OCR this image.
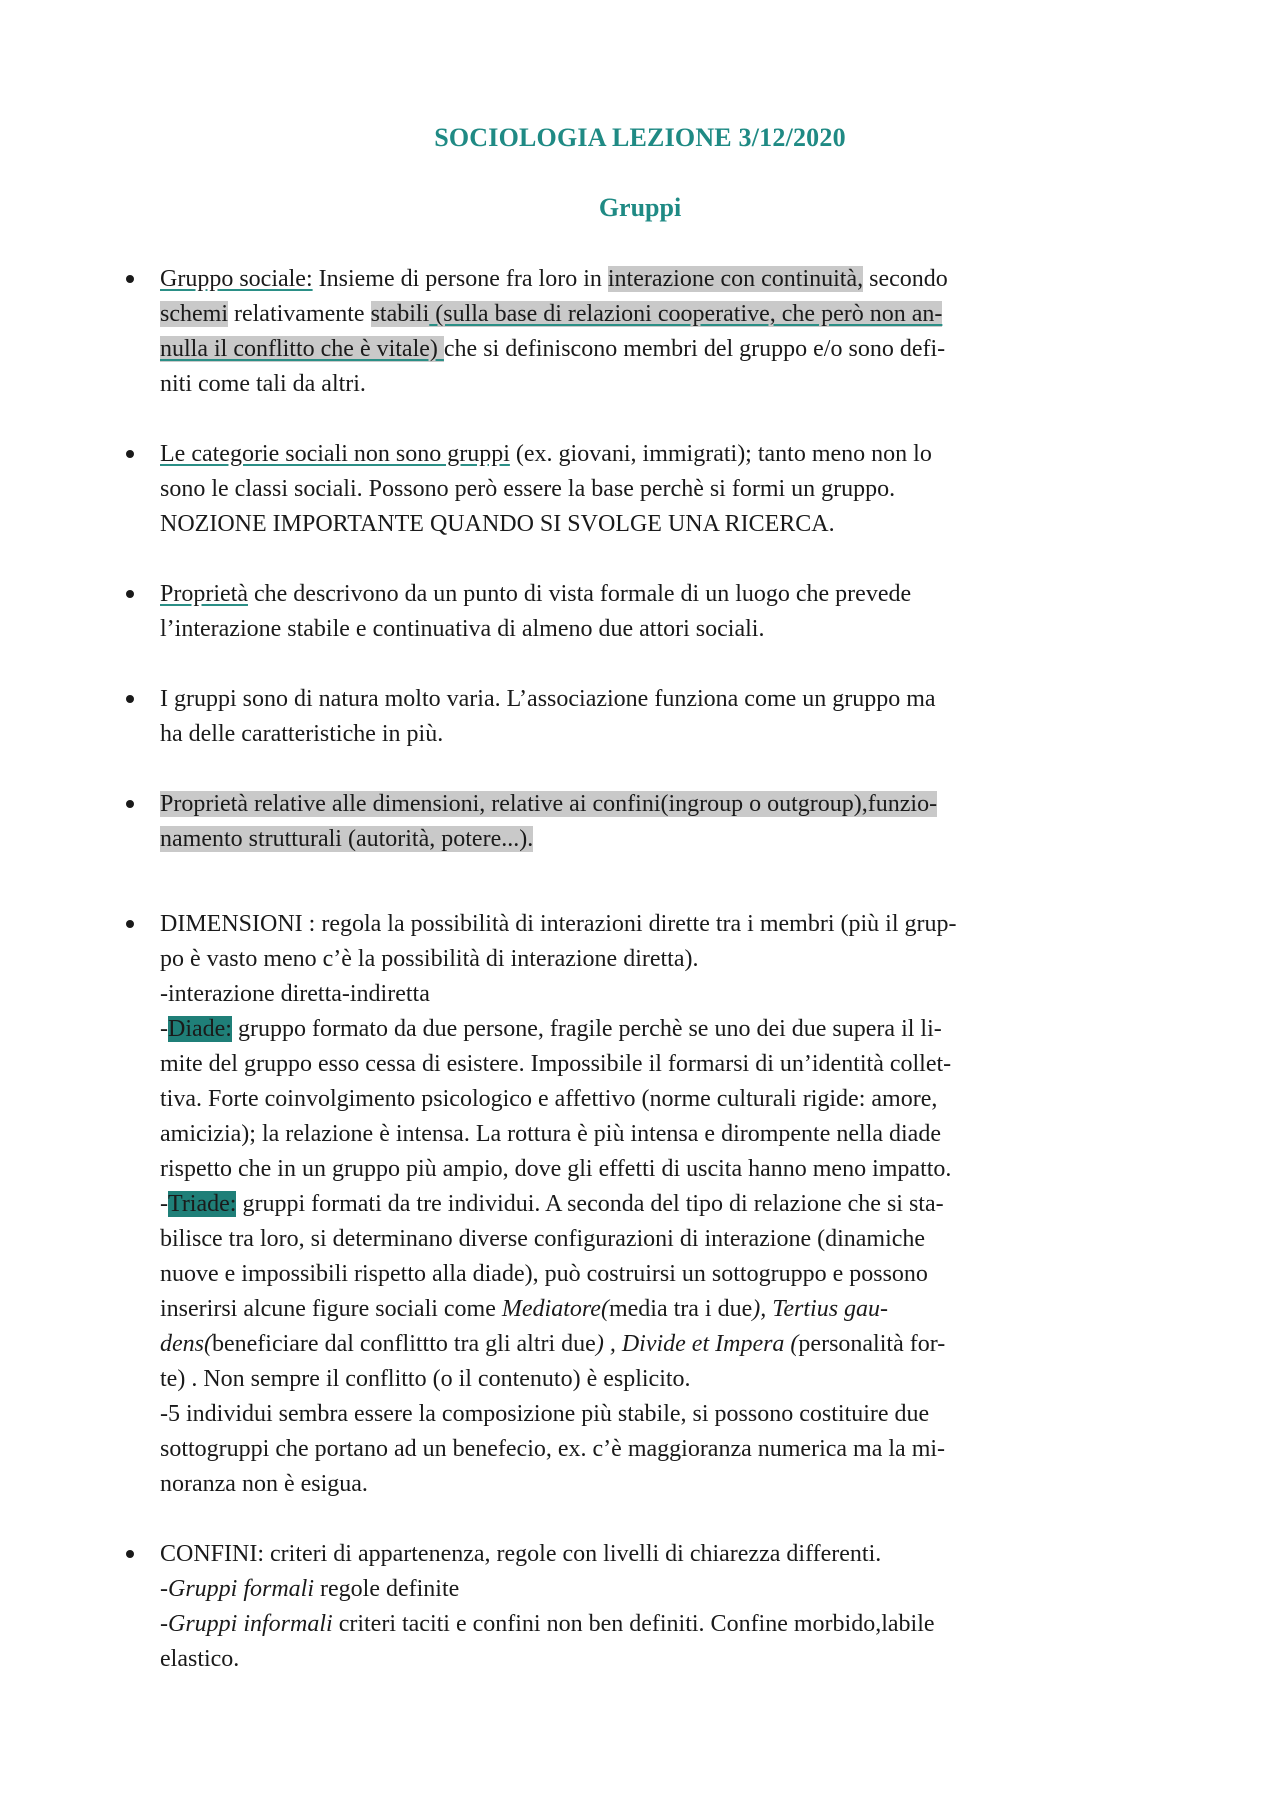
SOCIOLOGIA LEZIONE 3/12/2020
Gruppi
Gruppo sociale: Insieme di persone fra loro in interazione con continuità, secondo
schemi relativamente stabili (sulla base di relazioni cooperative, che però non an-
nulla il conflitto che è vitale) che si definiscono membri del gruppo e/o sono defi-
niti come tali da altri.
Le categorie sociali non sono gruppi (ex. giovani, immigrati); tanto meno non lo
sono le classi sociali. Possono però essere la base perchè si formi un gruppo.
NOZIONE IMPORTANTE QUANDO SI SVOLGE UNA RICERCA.
Proprietà che descrivono da un punto di vista formale di un luogo che prevede
l’interazione stabile e continuativa di almeno due attori sociali.
I gruppi sono di natura molto varia. L’associazione funziona come un gruppo ma
ha delle caratteristiche in più.
Proprietà relative alle dimensioni, relative ai confini(ingroup o outgroup),funzio-
namento strutturali (autorità, potere...).
DIMENSIONI : regola la possibilità di interazioni dirette tra i membri (più il grup-
po è vasto meno c’è la possibilità di interazione diretta).
-interazione diretta-indiretta
-Diade: gruppo formato da due persone, fragile perchè se uno dei due supera il li-
mite del gruppo esso cessa di esistere. Impossibile il formarsi di un’identità collet-
tiva. Forte coinvolgimento psicologico e affettivo (norme culturali rigide: amore,
amicizia); la relazione è intensa. La rottura è più intensa e dirompente nella diade
rispetto che in un gruppo più ampio, dove gli effetti di uscita hanno meno impatto.
-Triade: gruppi formati da tre individui. A seconda del tipo di relazione che si sta-
bilisce tra loro, si determinano diverse configurazioni di interazione (dinamiche
nuove e impossibili rispetto alla diade), può costruirsi un sottogruppo e possono
inserirsi alcune figure sociali come Mediatore(media tra i due), Tertius gau-
dens(beneficiare dal conflittto tra gli altri due) , Divide et Impera (personalità for-
te) . Non sempre il conflitto (o il contenuto) è esplicito.
-5 individui sembra essere la composizione più stabile, si possono costituire due
sottogruppi che portano ad un benefecio, ex. c’è maggioranza numerica ma la mi-
noranza non è esigua.
CONFINI: criteri di appartenenza, regole con livelli di chiarezza differenti.
-Gruppi formali regole definite
-Gruppi informali criteri taciti e confini non ben definiti. Confine morbido,labile
elastico.
